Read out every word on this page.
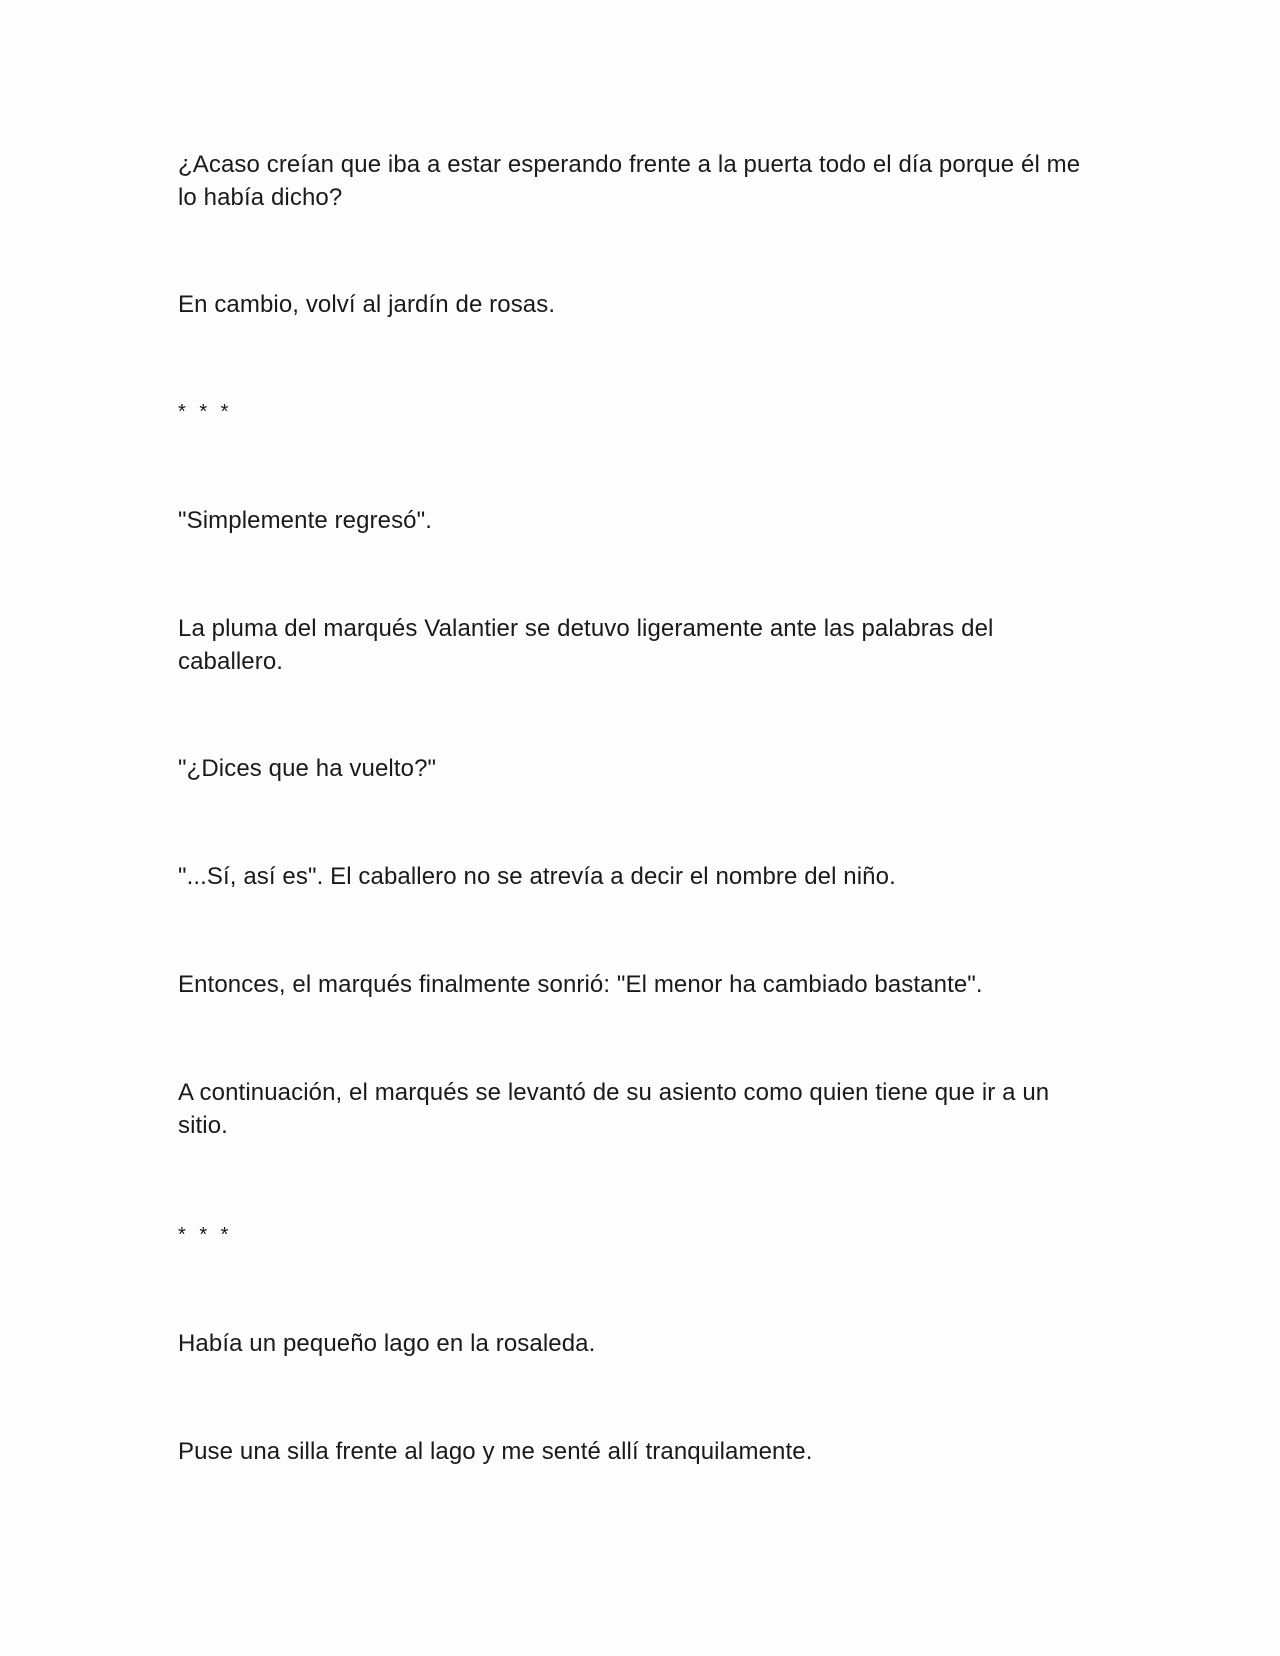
¿Acaso creían que iba a estar esperando frente a la puerta todo el día porque él me lo había dicho?

En cambio, volví al jardín de rosas.

* * *

"Simplemente regresó".

La pluma del marqués Valantier se detuvo ligeramente ante las palabras del caballero.

"¿Dices que ha vuelto?"

"...Sí, así es". El caballero no se atrevía a decir el nombre del niño.

Entonces, el marqués finalmente sonrió: "El menor ha cambiado bastante".

A continuación, el marqués se levantó de su asiento como quien tiene que ir a un sitio.

* * *

Había un pequeño lago en la rosaleda.

Puse una silla frente al lago y me senté allí tranquilamente.
